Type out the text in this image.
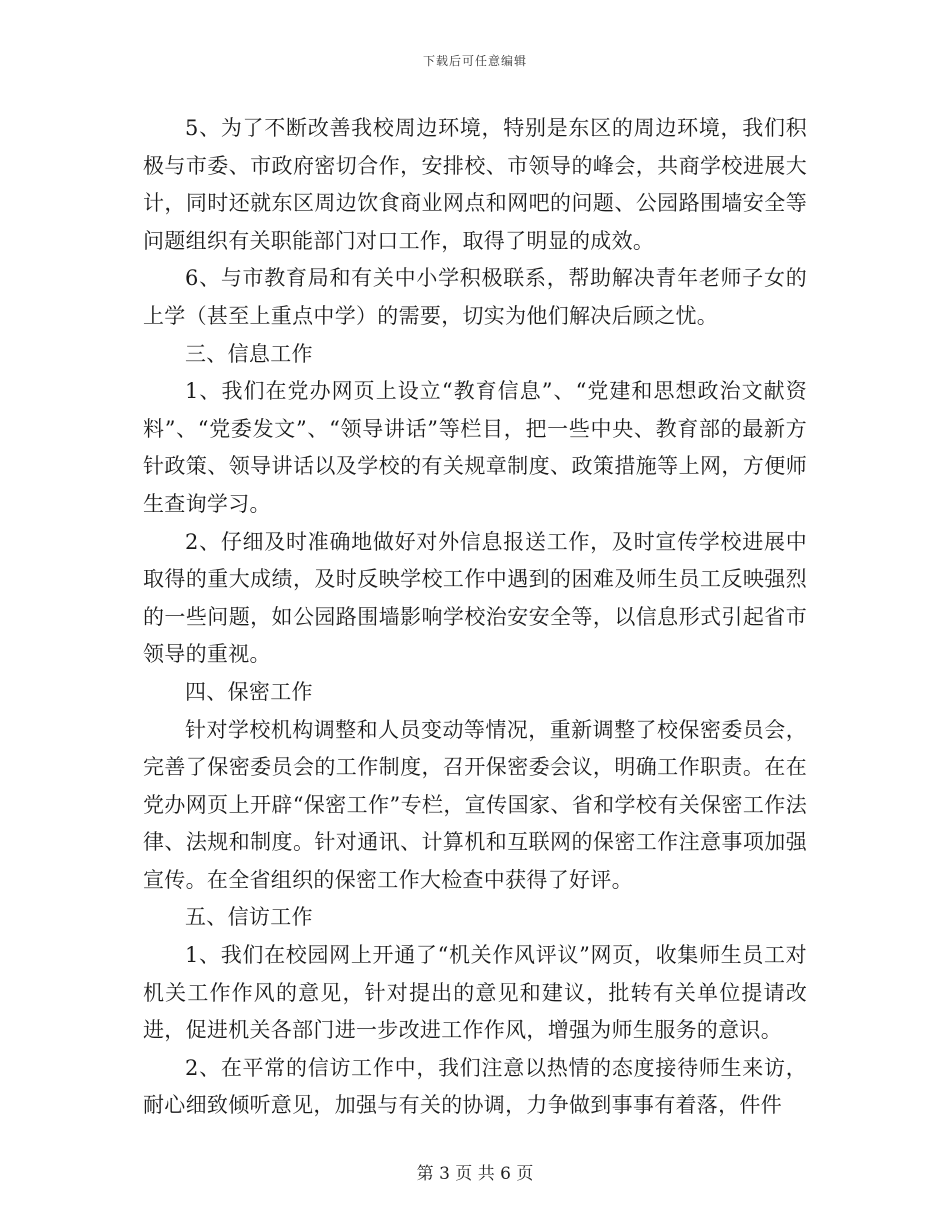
下载后可任意编辑

5、为了不断改善我校周边环境，特别是东区的周边环境，我们积极与市委、市政府密切合作，安排校、市领导的峰会，共商学校进展大计，同时还就东区周边饮食商业网点和网吧的问题、公园路围墙安全等问题组织有关职能部门对口工作，取得了明显的成效。

6、与市教育局和有关中小学积极联系，帮助解决青年老师子女的上学（甚至上重点中学）的需要，切实为他们解决后顾之忧。

三、信息工作

1、我们在党办网页上设立“教育信息”、“党建和思想政治文献资料”、“党委发文”、“领导讲话”等栏目，把一些中央、教育部的最新方针政策、领导讲话以及学校的有关规章制度、政策措施等上网，方便师生查询学习。

2、仔细及时准确地做好对外信息报送工作，及时宣传学校进展中取得的重大成绩，及时反映学校工作中遇到的困难及师生员工反映强烈的一些问题，如公园路围墙影响学校治安安全等，以信息形式引起省市领导的重视。

四、保密工作

针对学校机构调整和人员变动等情况，重新调整了校保密委员会，完善了保密委员会的工作制度，召开保密委会议，明确工作职责。在在党办网页上开辟“保密工作”专栏，宣传国家、省和学校有关保密工作法律、法规和制度。针对通讯、计算机和互联网的保密工作注意事项加强宣传。在全省组织的保密工作大检查中获得了好评。

五、信访工作

1、我们在校园网上开通了“机关作风评议”网页，收集师生员工对机关工作作风的意见，针对提出的意见和建议，批转有关单位提请改进，促进机关各部门进一步改进工作作风，增强为师生服务的意识。

2、在平常的信访工作中，我们注意以热情的态度接待师生来访，耐心细致倾听意见，加强与有关的协调，力争做到事事有着落，件件

第 3 页 共 6 页
